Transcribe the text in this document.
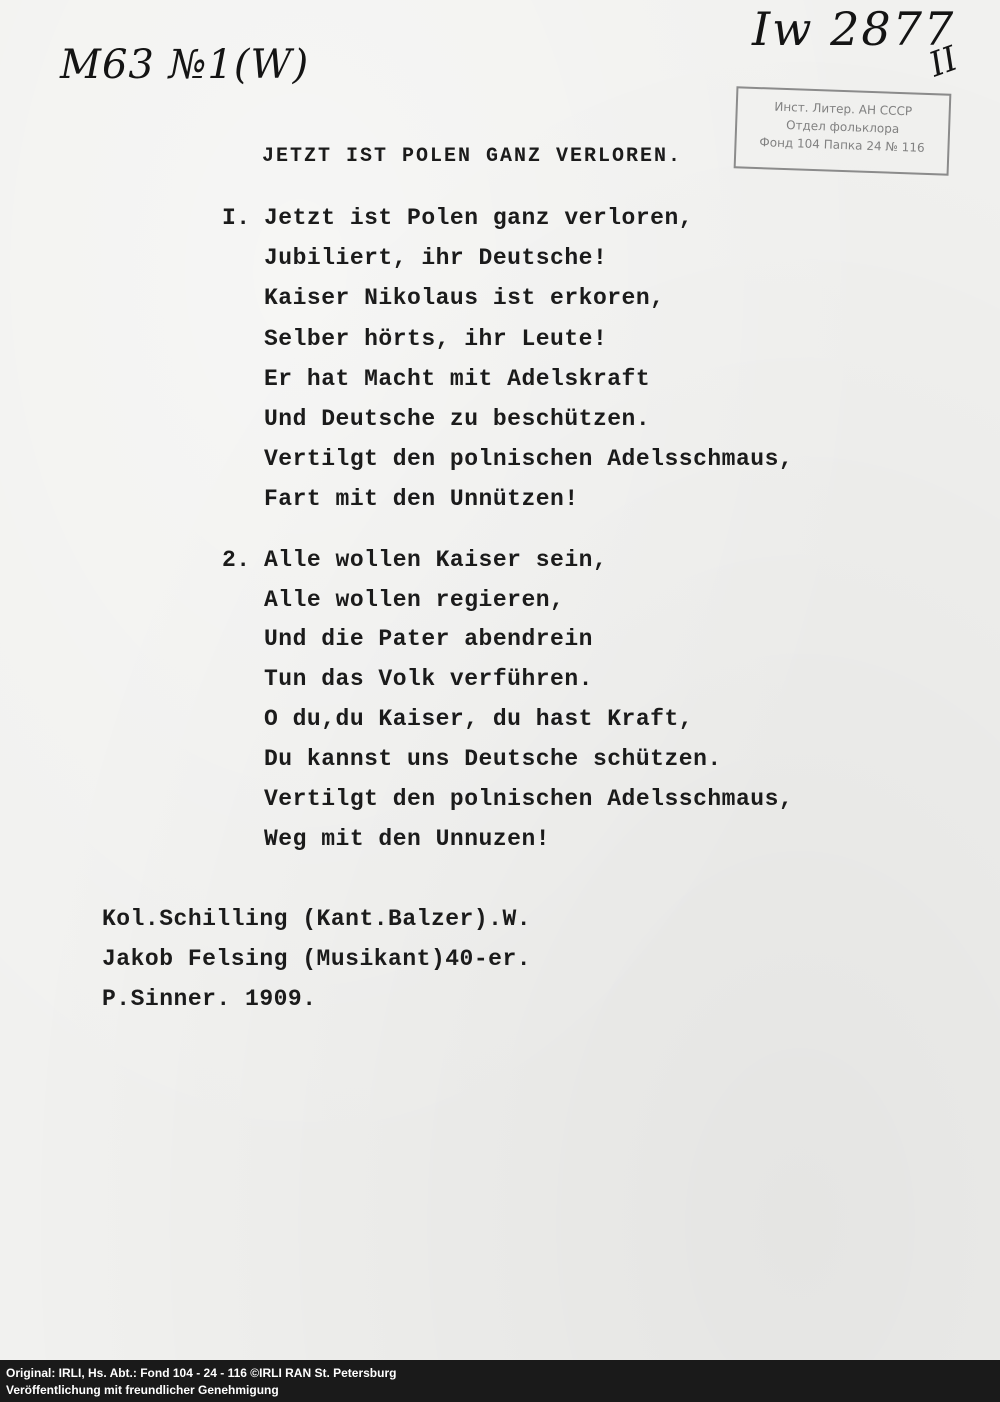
M63 №1(W)
Iw 2877
II
Инст. Литер. АН СССР
Отдел фольклора
Фонд 104 Папка 24 № 116
JETZT IST POLEN GANZ VERLOREN.
I. Jetzt ist Polen ganz verloren,
Jubiliert, ihr Deutsche!
Kaiser Nikolaus ist erkoren,
Selber hörts, ihr Leute!
Er hat Macht mit Adelskraft
Und Deutsche zu beschützen.
Vertilgt den polnischen Adelsschmaus,
Fart mit den Unnützen!
2. Alle wollen Kaiser sein,
Alle wollen regieren,
Und die Pater abendrein
Tun das Volk verführen.
O du,du Kaiser, du hast Kraft,
Du kannst uns Deutsche schützen.
Vertilgt den polnischen Adelsschmaus,
Weg mit den Unnuzen!
Kol.Schilling (Kant.Balzer).W.
Jakob Felsing (Musikant)40-er.
P.Sinner. 1909.
Original: IRLI, Hs. Abt.: Fond 104 - 24 - 116 ©IRLI RAN St. Petersburg
Veröffentlichung mit freundlicher Genehmigung
